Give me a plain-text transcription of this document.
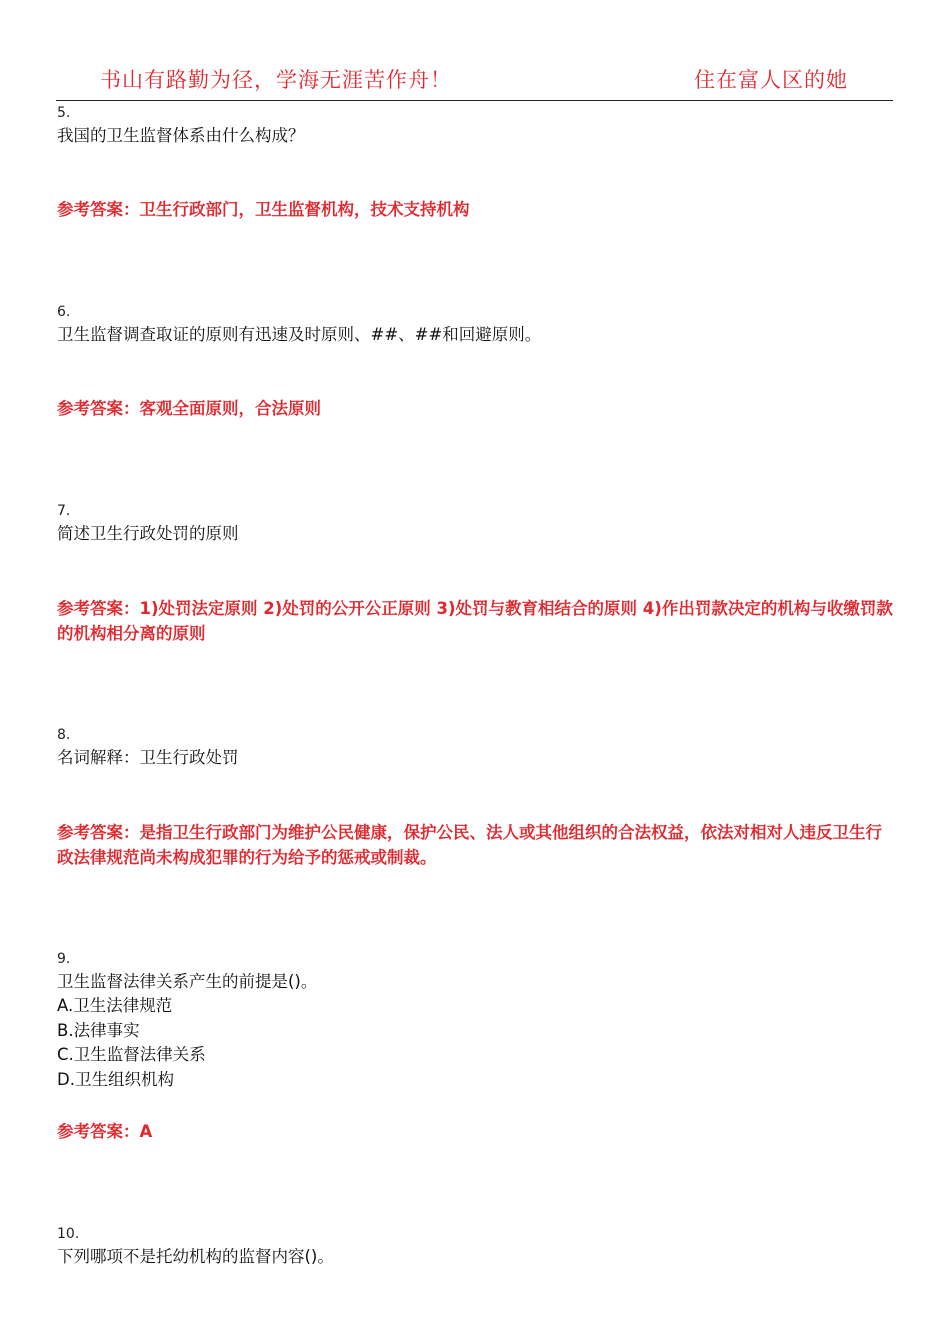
书山有路勤为径，学海无涯苦作舟！	住在富人区的她
5.
我国的卫生监督体系由什么构成？
参考答案：卫生行政部门，卫生监督机构，技术支持机构
6.
卫生监督调查取证的原则有迅速及时原则、##、##和回避原则。
参考答案：客观全面原则，合法原则
7.
简述卫生行政处罚的原则
参考答案：1)处罚法定原则 2)处罚的公开公正原则 3)处罚与教育相结合的原则 4)作出罚款决定的机构与收缴罚款的机构相分离的原则
8.
名词解释：卫生行政处罚
参考答案：是指卫生行政部门为维护公民健康，保护公民、法人或其他组织的合法权益，依法对相对人违反卫生行政法律规范尚未构成犯罪的行为给予的惩戒或制裁。
9.
卫生监督法律关系产生的前提是()。
A.卫生法律规范
B.法律事实
C.卫生监督法律关系
D.卫生组织机构
参考答案：A
10.
下列哪项不是托幼机构的监督内容()。
